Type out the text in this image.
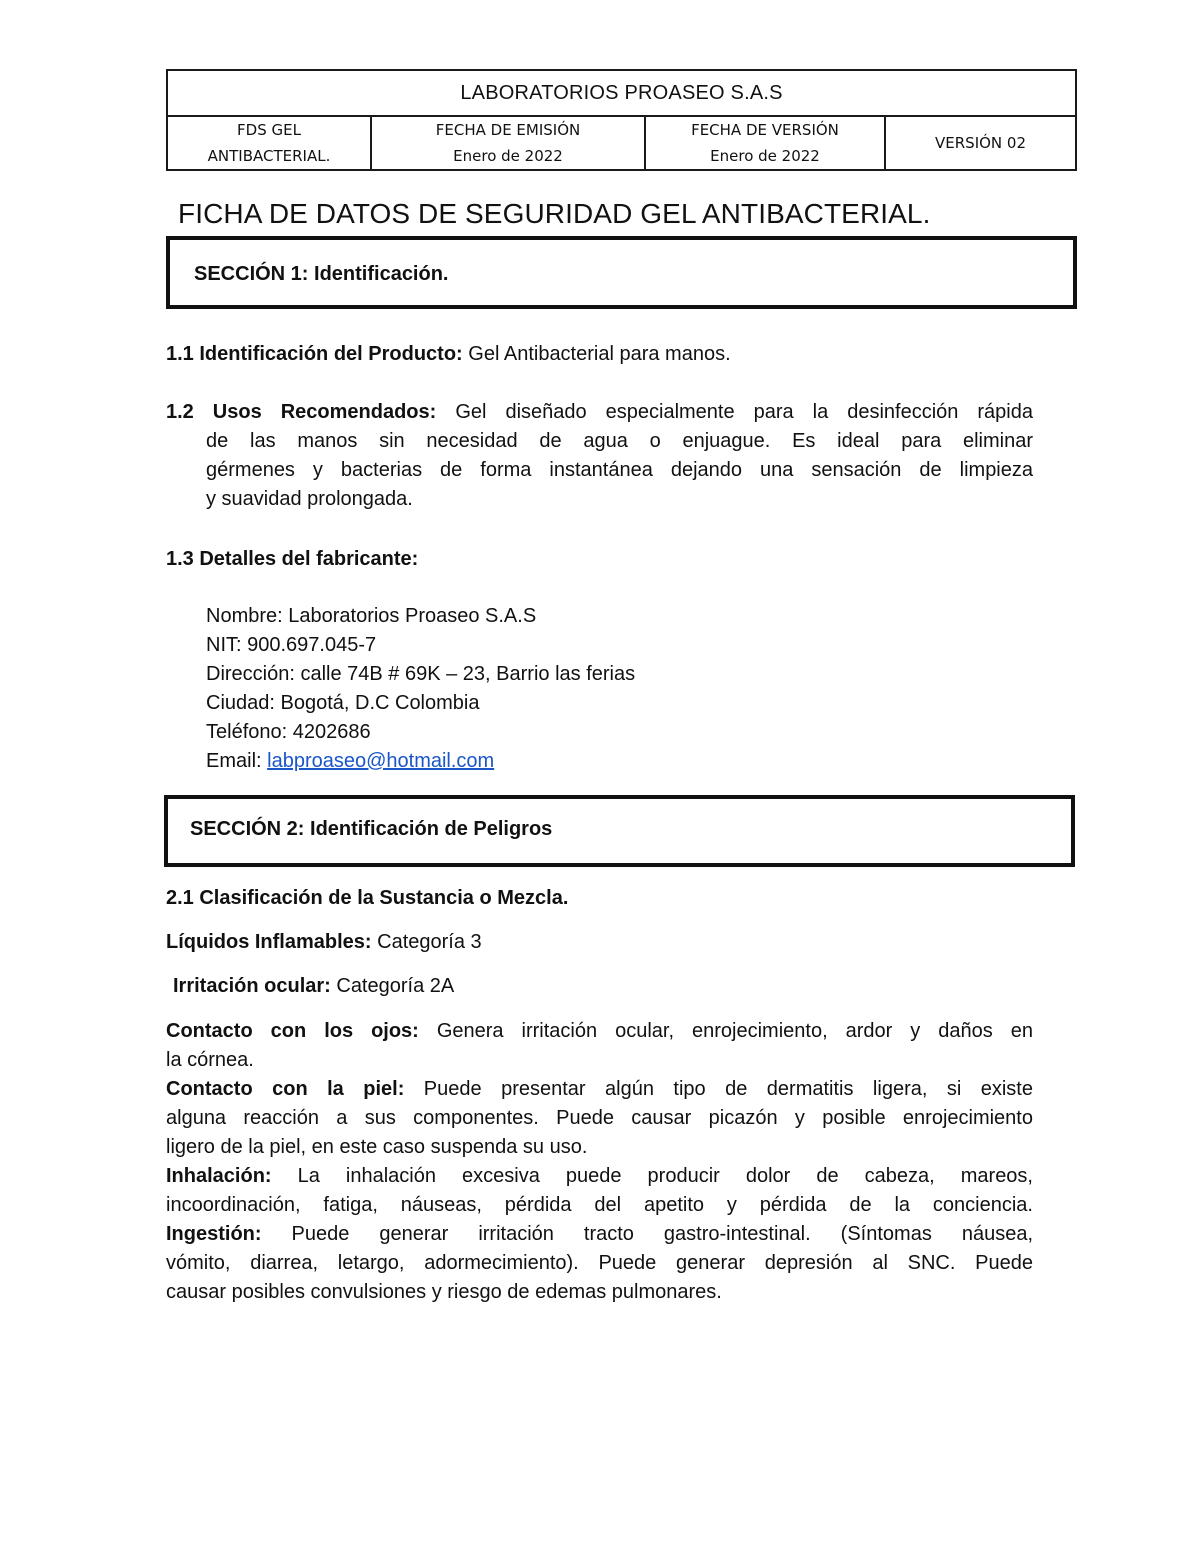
LABORATORIOS PROASEO S.A.S

FDS GEL
ANTIBACTERIAL.

FECHA DE EMISIÓN
Enero de 2022

FECHA DE VERSIÓN
Enero de 2022

VERSIÓN 02
FICHA DE DATOS DE SEGURIDAD GEL ANTIBACTERIAL.
SECCIÓN 1: Identificación.
1.1 Identificación del Producto: Gel Antibacterial para manos.
1.2 Usos Recomendados: Gel diseñado especialmente para la desinfección rápida
de las manos sin necesidad de agua o enjuague. Es ideal para eliminar
gérmenes y bacterias de forma instantánea dejando una sensación de limpieza
y suavidad prolongada.
1.3 Detalles del fabricante:
Nombre: Laboratorios Proaseo S.A.S
NIT: 900.697.045-7
Dirección: calle 74B # 69K – 23, Barrio las ferias
Ciudad: Bogotá, D.C Colombia
Teléfono: 4202686
Email: labproaseo@hotmail.com
SECCIÓN 2: Identificación de Peligros
2.1 Clasificación de la Sustancia o Mezcla.
Líquidos Inflamables: Categoría 3
Irritación ocular: Categoría 2A
Contacto con los ojos: Genera irritación ocular, enrojecimiento, ardor y daños en
la córnea.
Contacto con la piel: Puede presentar algún tipo de dermatitis ligera, si existe
alguna reacción a sus componentes. Puede causar picazón y posible enrojecimiento
ligero de la piel, en este caso suspenda su uso.
Inhalación: La inhalación excesiva puede producir dolor de cabeza, mareos,
incoordinación, fatiga, náuseas, pérdida del apetito y pérdida de la conciencia.
Ingestión: Puede generar irritación tracto gastro-intestinal. (Síntomas náusea,
vómito, diarrea, letargo, adormecimiento). Puede generar depresión al SNC. Puede
causar posibles convulsiones y riesgo de edemas pulmonares.
